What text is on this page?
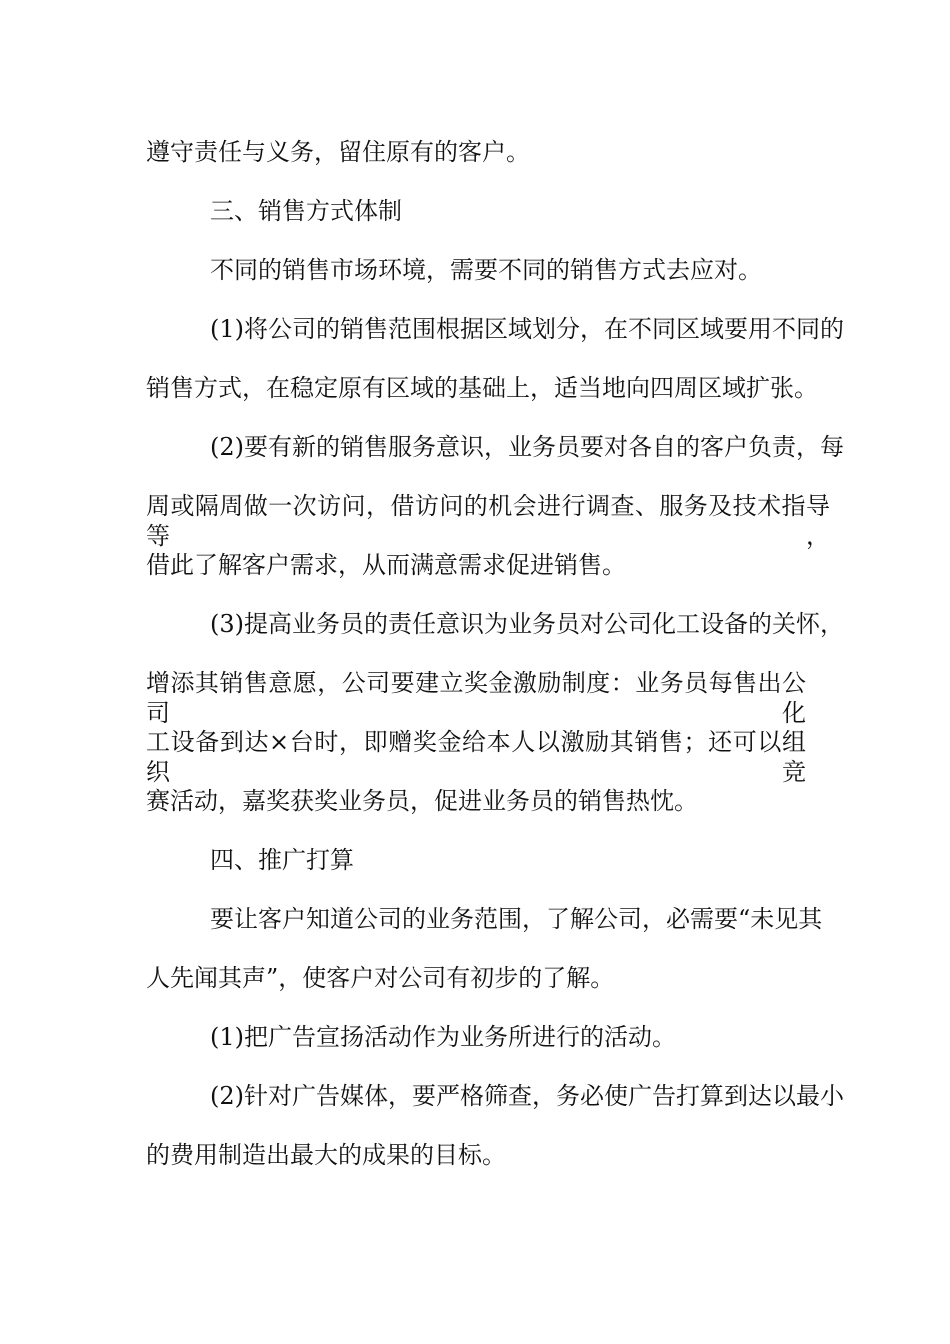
遵守责任与义务，留住原有的客户。
三、销售方式体制
不同的销售市场环境，需要不同的销售方式去应对。
(1)将公司的销售范围根据区域划分，在不同区域要用不同的
销售方式，在稳定原有区域的基础上，适当地向四周区域扩张。
(2)要有新的销售服务意识，业务员要对各自的客户负责，每
周或隔周做一次访问，借访问的机会进行调查、服务及技术指导等，
借此了解客户需求，从而满意需求促进销售。
(3)提高业务员的责任意识为业务员对公司化工设备的关怀，
增添其销售意愿，公司要建立奖金激励制度：业务员每售出公司化
工设备到达×台时，即赠奖金给本人以激励其销售；还可以组织竞
赛活动，嘉奖获奖业务员，促进业务员的销售热忱。
四、推广打算
要让客户知道公司的业务范围，了解公司，必需要“未见其
人先闻其声”，使客户对公司有初步的了解。
(1)把广告宣扬活动作为业务所进行的活动。
(2)针对广告媒体，要严格筛查，务必使广告打算到达以最小
的费用制造出最大的成果的目标。
